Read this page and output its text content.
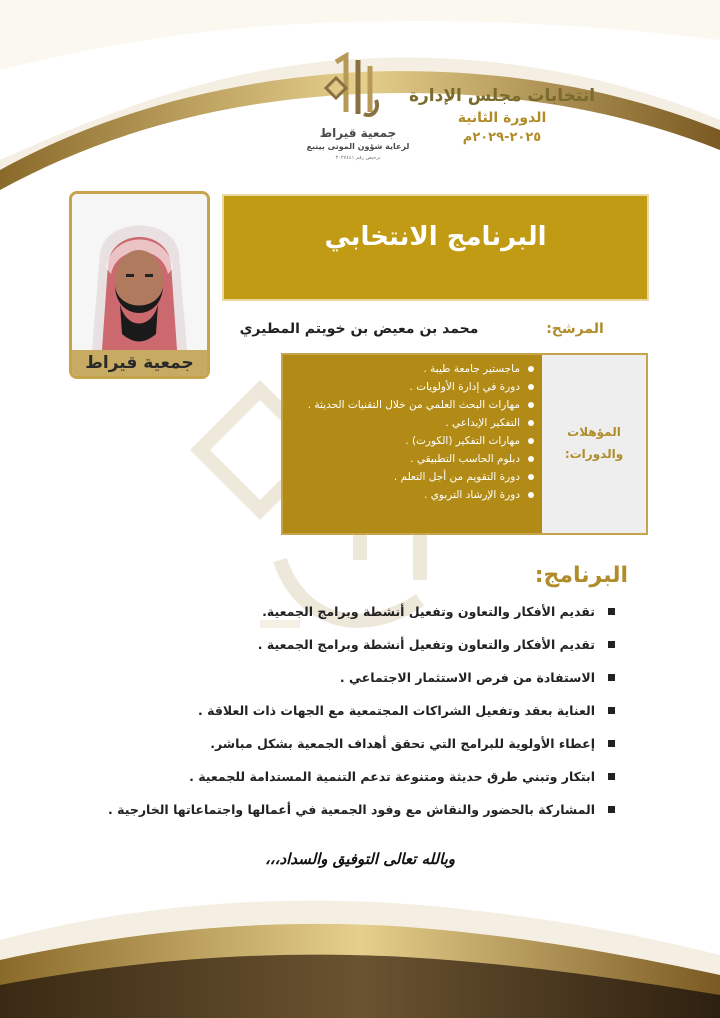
انتخابات مجلس الإدارة
الدورة الثانية
٢٠٢٥-٢٠٢٩م
جمعية قيراط
لرعاية شؤون الموتى بينبع
ترخيص رقم ٣٠٢٧٤٤١
جمعية قيراط
البرنامج الانتخابي
المرشح:
محمد بن معيض بن خويتم المطيري
المؤهلات
والدورات:
ماجستير جامعة طيبة .
دورة في إدارة الأولويات .
مهارات البحث العلمي من خلال التقنيات الحديثة .
التفكير الإبداعي .
مهارات التفكير (الكورت) .
دبلوم الحاسب التطبيقي .
دورة التقويم من أجل التعلم .
دورة الإرشاد التربوي .
البرنامج:
تقديم الأفكار والتعاون وتفعيل أنشطة وبرامج الجمعية.
تقديم الأفكار والتعاون وتفعيل أنشطة وبرامج الجمعية .
الاستفادة من فرص الاستثمار الاجتماعي .
العناية بعقد وتفعيل الشراكات المجتمعية مع الجهات ذات العلاقة .
إعطاء الأولوية للبرامج التي تحقق أهداف الجمعية بشكل مباشر.
ابتكار وتبني طرق حديثة ومتنوعة تدعم التنمية المستدامة للجمعية .
المشاركة بالحضور والنقاش مع وفود الجمعية في أعمالها واجتماعاتها الخارجية .
وبالله تعالى التوفيق والسداد،،،
